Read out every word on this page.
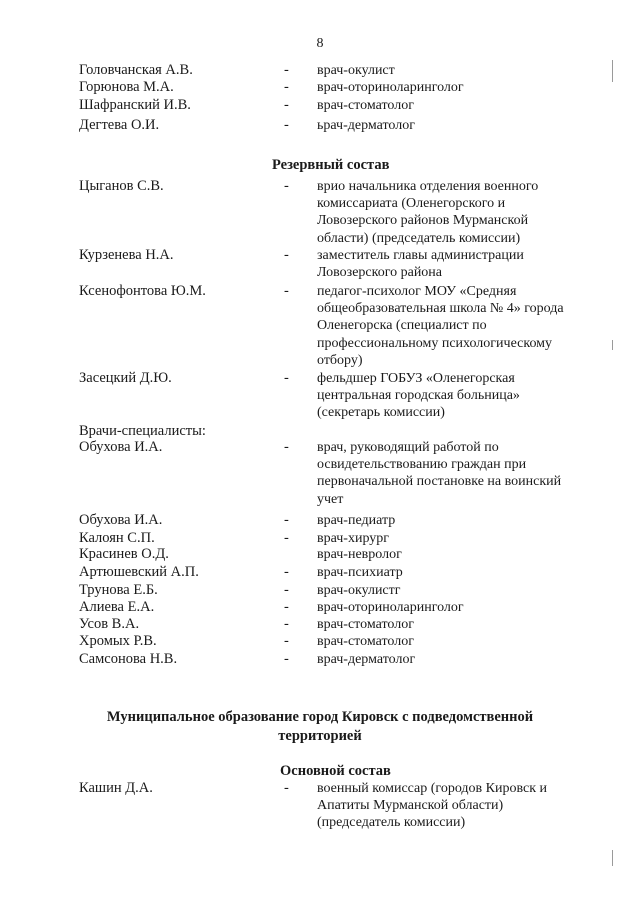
8
Головчанская А.В.	- врач-окулист
Горюнова М.А.	- врач-оториноларинголог
Шафранский И.В.	- врач-стоматолог
Дегтева О.И.	- ьрач-дерматолог
Резервный состав
Цыганов С.В.	- врио начальника отделения военного
комиссариата (Оленегорского и
Ловозерского районов Мурманской
области) (председатель комиссии)
Курзенева Н.А.	- заместитель главы администрации
Ловозерского района
Ксенофонтова Ю.М.	- педагог-психолог МОУ «Средняя
общеобразовательная школа № 4» города
Оленегорска (специалист по
профессиональному психологическому
отбору)
Засецкий Д.Ю.	- фельдшер ГОБУЗ «Оленегорская
центральная городская больница»
(секретарь комиссии)
Врачи-специалисты:
Обухова И.А.	- врач, руководящий работой по
освидетельствованию граждан при
первоначальной постановке на воинский
учет
Обухова И.А.	- врач-педиатр
Калоян С.П.	- врач-хирург
Красинев О.Д.	врач-невролог
Артюшевский А.П.	- врач-психиатр
Трунова Е.Б.	- врач-окулистг
Алиева Е.А.	- врач-оториноларинголог
Усов В.А.	- врач-стоматолог
Хромых Р.В.	- врач-стоматолог
Самсонова Н.В.	- врач-дерматолог
Муниципальное образование город Кировск с подведомственной
территорией
Основной состав
Кашин Д.А.	- военный комиссар (городов Кировск и
Апатиты Мурманской области)
(председатель комиссии)
